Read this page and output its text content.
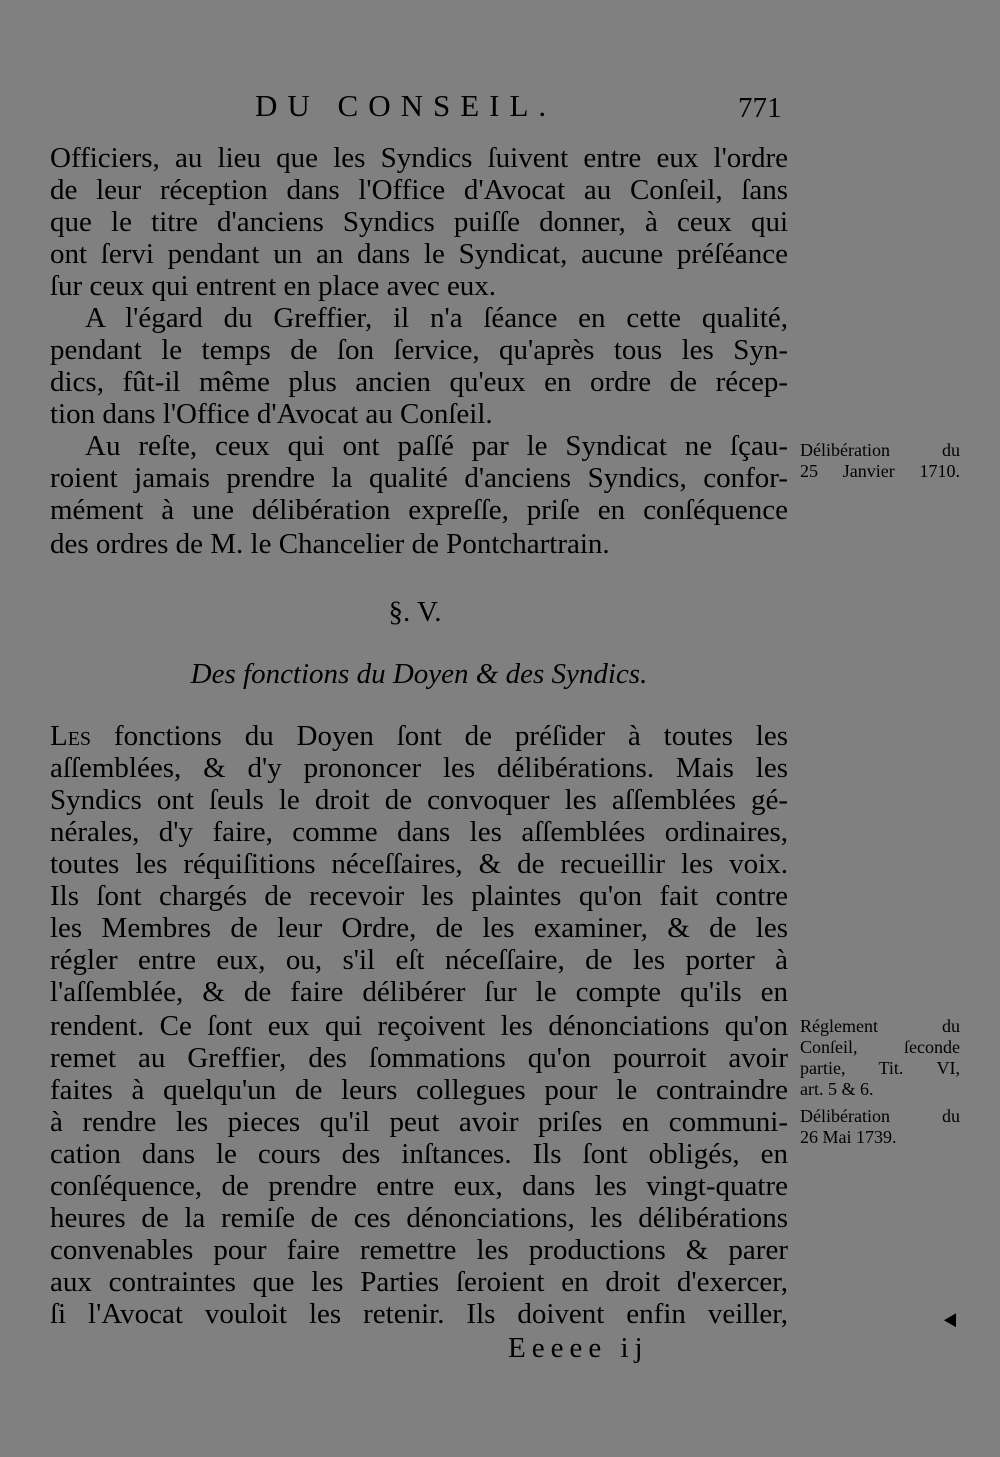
DU CONSEIL.	771
Officiers, au lieu que les Syndics ſuivent entre eux l'ordre
de leur réception dans l'Office d'Avocat au Conſeil, ſans
que le titre d'anciens Syndics puiſſe donner, à ceux qui
ont ſervi pendant un an dans le Syndicat, aucune préſéance
ſur ceux qui entrent en place avec eux.
A l'égard du Greffier, il n'a ſéance en cette qualité,
pendant le temps de ſon ſervice, qu'après tous les Syn-
dics, fût-il même plus ancien qu'eux en ordre de récep-
tion dans l'Office d'Avocat au Conſeil.
Au reſte, ceux qui ont paſſé par le Syndicat ne ſçau-
roient jamais prendre la qualité d'anciens Syndics, confor-
mément à une délibération expreſſe, priſe en conſéquence
des ordres de M. le Chancelier de Pontchartrain.
Délibération du
25 Janvier 1710.
§. V.
Des fonctions du Doyen & des Syndics.
Les fonctions du Doyen ſont de préſider à toutes les
aſſemblées, & d'y prononcer les délibérations. Mais les
Syndics ont ſeuls le droit de convoquer les aſſemblées gé-
nérales, d'y faire, comme dans les aſſemblées ordinaires,
toutes les réquiſitions néceſſaires, & de recueillir les voix.
Ils ſont chargés de recevoir les plaintes qu'on fait contre
les Membres de leur Ordre, de les examiner, & de les
régler entre eux, ou, s'il eſt néceſſaire, de les porter à
l'aſſemblée, & de faire délibérer ſur le compte qu'ils en
rendent. Ce ſont eux qui reçoivent les dénonciations qu'on
remet au Greffier, des ſommations qu'on pourroit avoir
faites à quelqu'un de leurs collegues pour le contraindre
à rendre les pieces qu'il peut avoir priſes en communi-
cation dans le cours des inſtances. Ils ſont obligés, en
conſéquence, de prendre entre eux, dans les vingt-quatre
heures de la remiſe de ces dénonciations, les délibérations
convenables pour faire remettre les productions & parer
aux contraintes que les Parties ſeroient en droit d'exercer,
ſi l'Avocat vouloit les retenir. Ils doivent enfin veiller,
Réglement du
Conſeil, ſeconde
partie, Tit. VI,
art. 5 & 6.
Délibération du
26 Mai 1739.
Eeeee ij
